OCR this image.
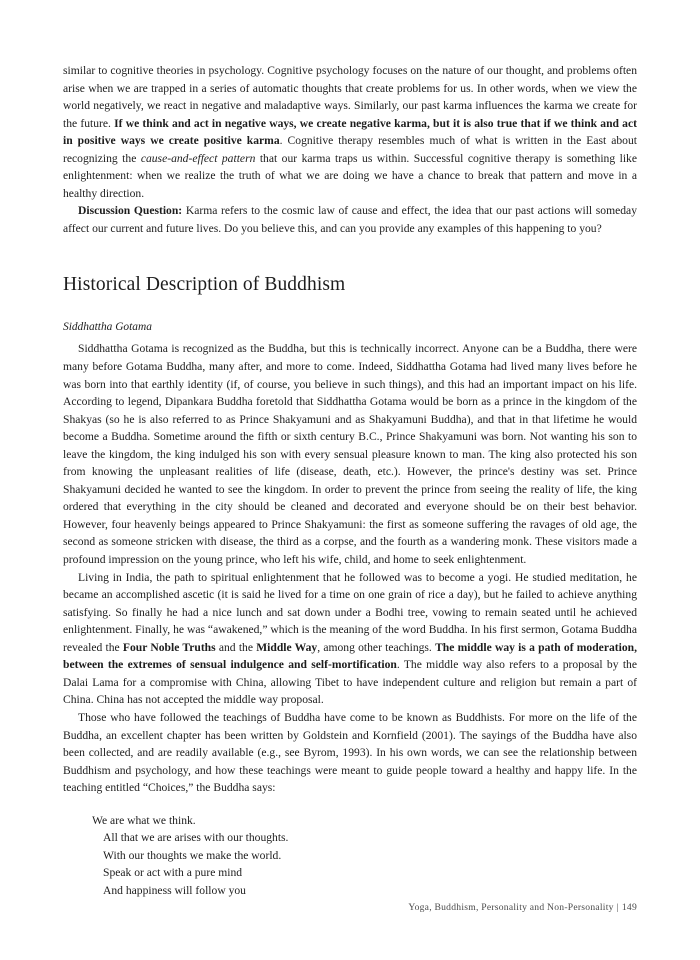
similar to cognitive theories in psychology. Cognitive psychology focuses on the nature of our thought, and problems often arise when we are trapped in a series of automatic thoughts that create problems for us. In other words, when we view the world negatively, we react in negative and maladaptive ways. Similarly, our past karma influences the karma we create for the future. If we think and act in negative ways, we create negative karma, but it is also true that if we think and act in positive ways we create positive karma. Cognitive therapy resembles much of what is written in the East about recognizing the cause-and-effect pattern that our karma traps us within. Successful cognitive therapy is something like enlightenment: when we realize the truth of what we are doing we have a chance to break that pattern and move in a healthy direction.

Discussion Question: Karma refers to the cosmic law of cause and effect, the idea that our past actions will someday affect our current and future lives. Do you believe this, and can you provide any examples of this happening to you?

Historical Description of Buddhism
Siddhattha Gotama

Siddhattha Gotama is recognized as the Buddha, but this is technically incorrect. Anyone can be a Buddha, there were many before Gotama Buddha, many after, and more to come. Indeed, Siddhattha Gotama had lived many lives before he was born into that earthly identity (if, of course, you believe in such things), and this had an important impact on his life. According to legend, Dipankara Buddha foretold that Siddhattha Gotama would be born as a prince in the kingdom of the Shakyas (so he is also referred to as Prince Shakyamuni and as Shakyamuni Buddha), and that in that lifetime he would become a Buddha. Sometime around the fifth or sixth century B.C., Prince Shakyamuni was born. Not wanting his son to leave the kingdom, the king indulged his son with every sensual pleasure known to man. The king also protected his son from knowing the unpleasant realities of life (disease, death, etc.). However, the prince's destiny was set. Prince Shakyamuni decided he wanted to see the kingdom. In order to prevent the prince from seeing the reality of life, the king ordered that everything in the city should be cleaned and decorated and everyone should be on their best behavior. However, four heavenly beings appeared to Prince Shakyamuni: the first as someone suffering the ravages of old age, the second as someone stricken with disease, the third as a corpse, and the fourth as a wandering monk. These visitors made a profound impression on the young prince, who left his wife, child, and home to seek enlightenment.

Living in India, the path to spiritual enlightenment that he followed was to become a yogi. He studied meditation, he became an accomplished ascetic (it is said he lived for a time on one grain of rice a day), but he failed to achieve anything satisfying. So finally he had a nice lunch and sat down under a Bodhi tree, vowing to remain seated until he achieved enlightenment. Finally, he was “awakened,” which is the meaning of the word Buddha. In his first sermon, Gotama Buddha revealed the Four Noble Truths and the Middle Way, among other teachings. The middle way is a path of moderation, between the extremes of sensual indulgence and self-mortification. The middle way also refers to a proposal by the Dalai Lama for a compromise with China, allowing Tibet to have independent culture and religion but remain a part of China. China has not accepted the middle way proposal.

Those who have followed the teachings of Buddha have come to be known as Buddhists. For more on the life of the Buddha, an excellent chapter has been written by Goldstein and Kornfield (2001). The sayings of the Buddha have also been collected, and are readily available (e.g., see Byrom, 1993). In his own words, we can see the relationship between Buddhism and psychology, and how these teachings were meant to guide people toward a healthy and happy life. In the teaching entitled “Choices,” the Buddha says:

We are what we think.
All that we are arises with our thoughts.
With our thoughts we make the world.
Speak or act with a pure mind
And happiness will follow you
Yoga, Buddhism, Personality and Non-Personality | 149
